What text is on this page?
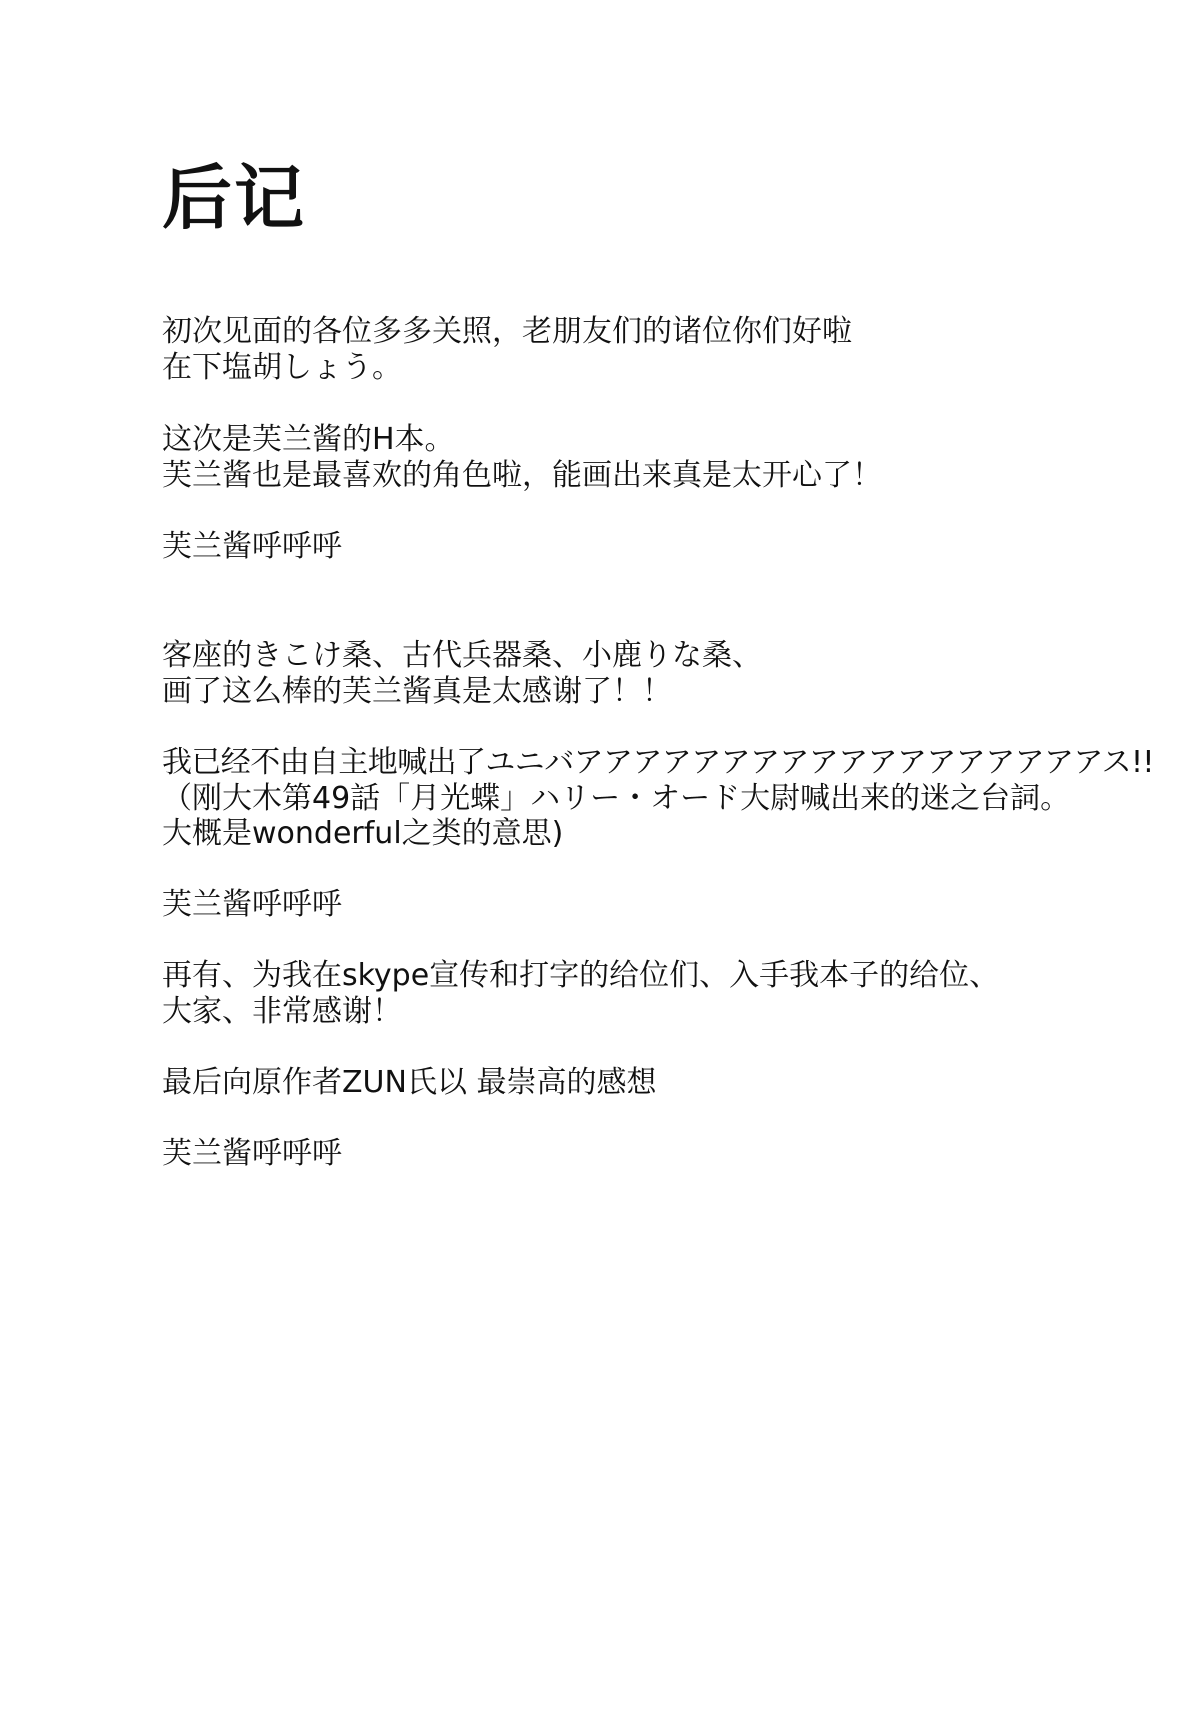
后记

初次见面的各位多多关照，老朋友们的诸位你们好啦

在下塩胡しょう。

这次是芙兰酱的H本。

芙兰酱也是最喜欢的角色啦，能画出来真是太开心了！

芙兰酱呼呼呼

客座的きこけ桑、古代兵器桑、小鹿りな桑、

画了这么棒的芙兰酱真是太感谢了！！

我已经不由自主地喊出了ユニバアアアアアアアアアアアアアアアアアアス!!

（刚大木第49話「月光蝶」ハリー・オード大尉喊出来的迷之台詞。

大概是wonderful之类的意思)

芙兰酱呼呼呼

再有、为我在skype宣传和打字的给位们、入手我本子的给位、

大家、非常感谢！

最后向原作者ZUN氏以 最崇高的感想

芙兰酱呼呼呼
